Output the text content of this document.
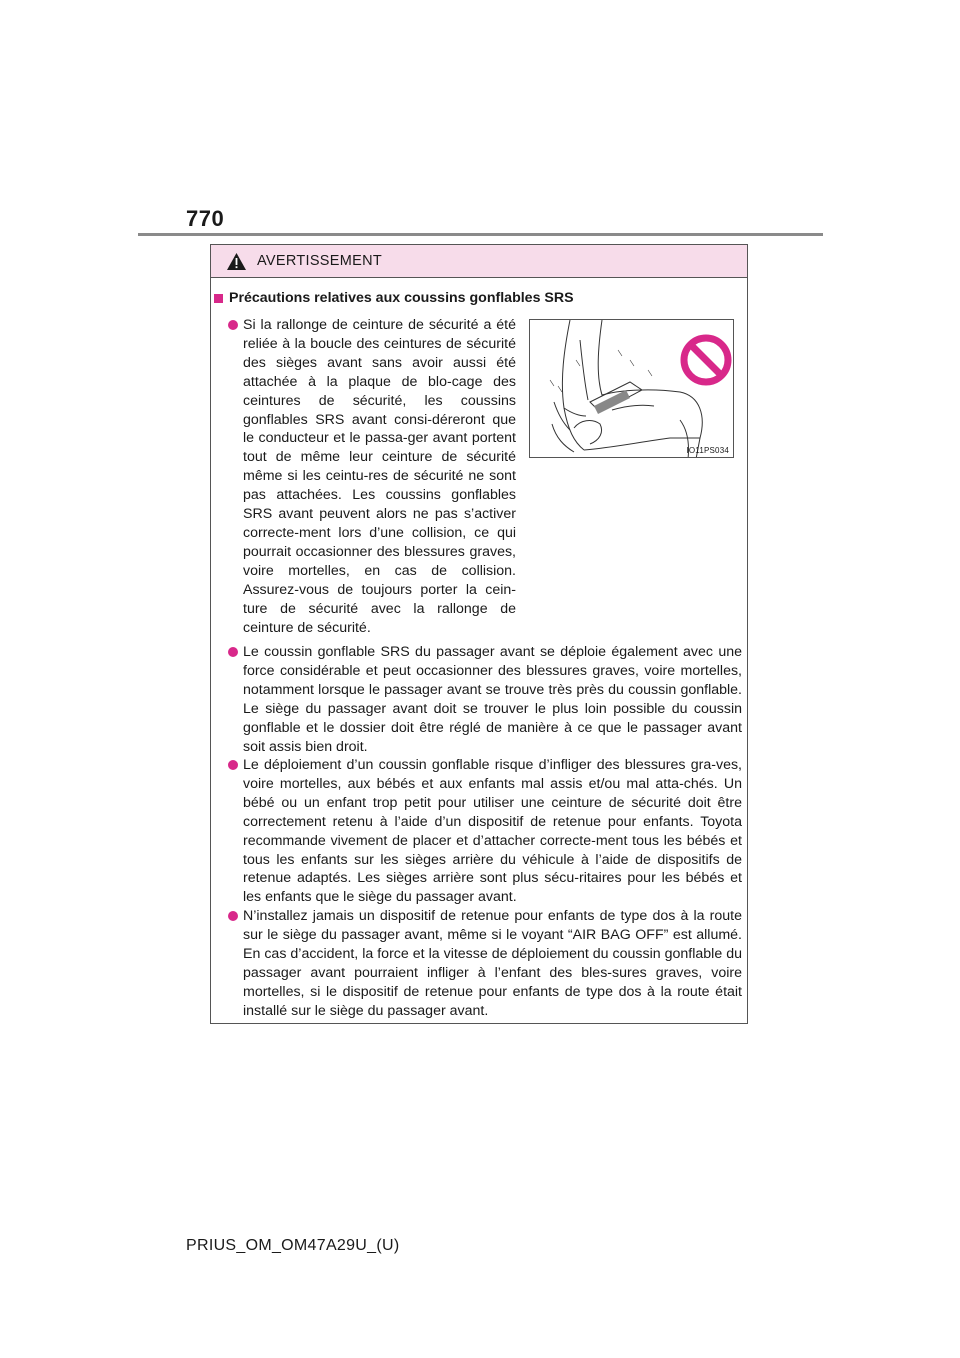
770
AVERTISSEMENT
Précautions relatives aux coussins gonflables SRS
Si la rallonge de ceinture de sécurité a été reliée à la boucle des ceintures de sécurité des sièges avant sans avoir aussi été attachée à la plaque de blo-cage des ceintures de sécurité, les coussins gonflables SRS avant consi-déreront que le conducteur et le passa-ger avant portent tout de même leur ceinture de sécurité même si les ceintu-res de sécurité ne sont pas attachées. Les coussins gonflables SRS avant peuvent alors ne pas s’activer correcte-ment lors d’une collision, ce qui pourrait occasionner des blessures graves, voire mortelles, en cas de collision. Assurez-vous de toujours porter la cein-ture de sécurité avec la rallonge de ceinture de sécurité.
IO11PS034
Le coussin gonflable SRS du passager avant se déploie également avec une force considérable et peut occasionner des blessures graves, voire mortelles, notamment lorsque le passager avant se trouve très près du coussin gonflable. Le siège du passager avant doit se trouver le plus loin possible du coussin gonflable et le dossier doit être réglé de manière à ce que le passager avant soit assis bien droit.
Le déploiement d’un coussin gonflable risque d’infliger des blessures gra-ves, voire mortelles, aux bébés et aux enfants mal assis et/ou mal atta-chés. Un bébé ou un enfant trop petit pour utiliser une ceinture de sécurité doit être correctement retenu à l’aide d’un dispositif de retenue pour enfants. Toyota recommande vivement de placer et d’attacher correcte-ment tous les bébés et tous les enfants sur les sièges arrière du véhicule à l’aide de dispositifs de retenue adaptés. Les sièges arrière sont plus sécu-ritaires pour les bébés et les enfants que le siège du passager avant.
N’installez jamais un dispositif de retenue pour enfants de type dos à la route sur le siège du passager avant, même si le voyant “AIR BAG OFF” est allumé. En cas d’accident, la force et la vitesse de déploiement du coussin gonflable du passager avant pourraient infliger à l’enfant des bles-sures graves, voire mortelles, si le dispositif de retenue pour enfants de type dos à la route était installé sur le siège du passager avant.
PRIUS_OM_OM47A29U_(U)
